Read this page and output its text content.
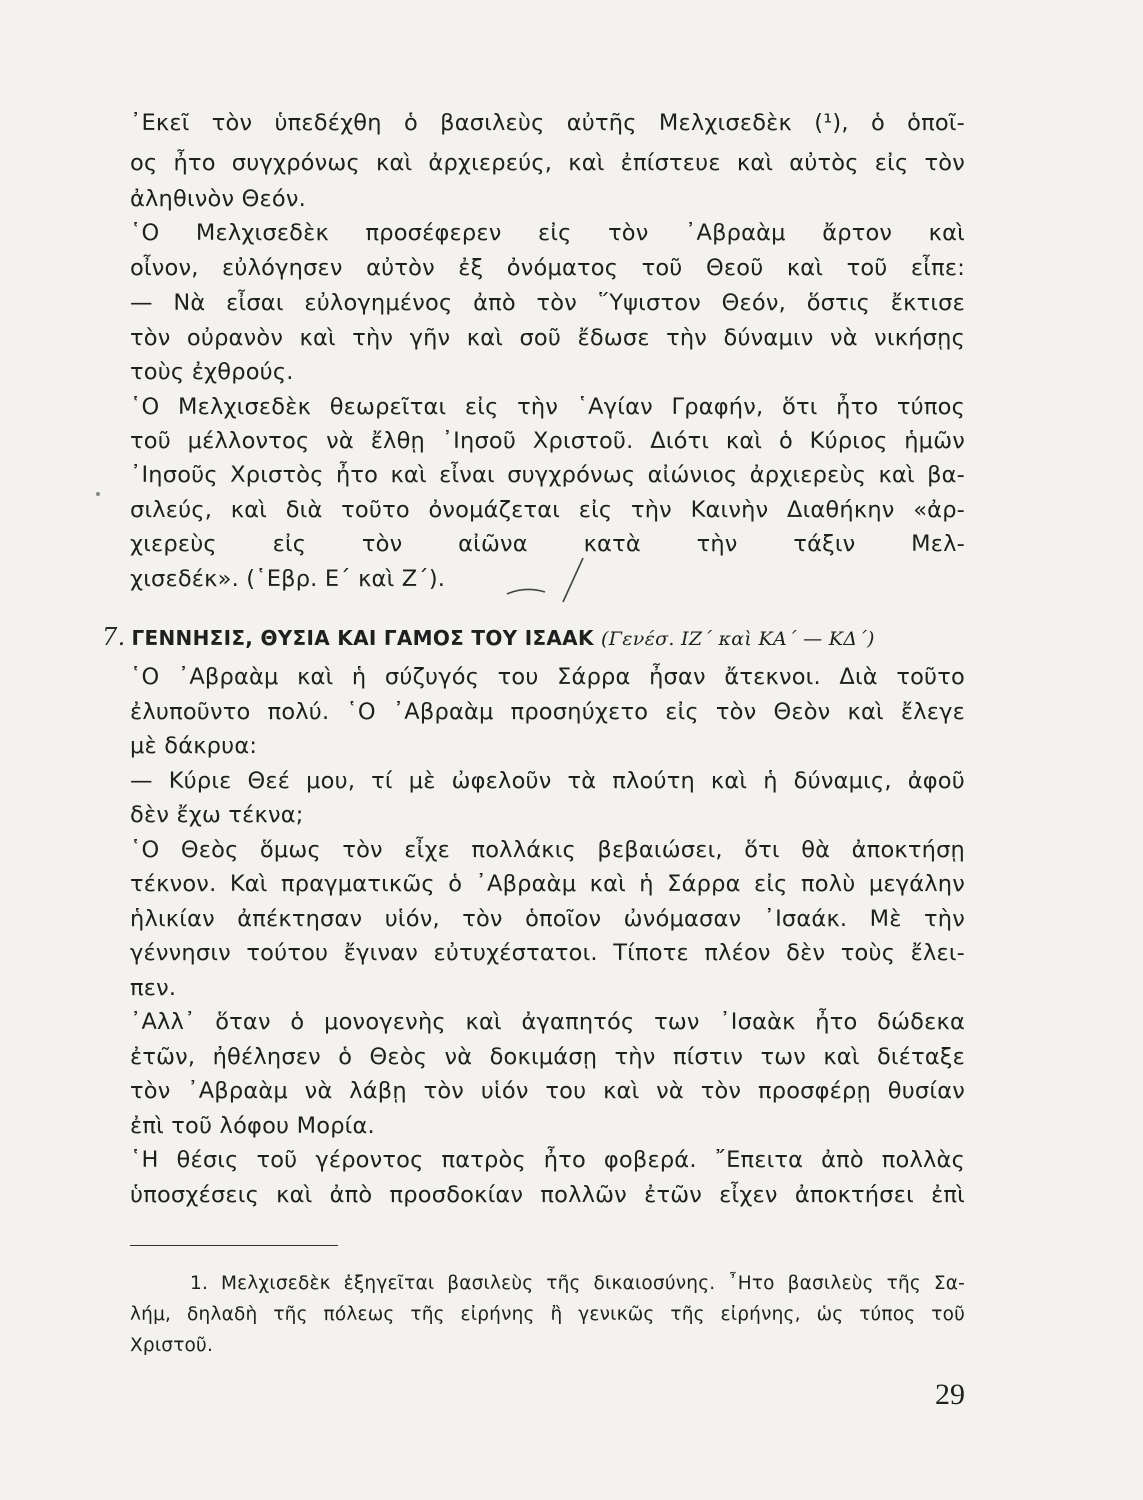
᾿Εκεῖ τὸν ὑπεδέχθη ὁ βασιλεὺς αὐτῆς Μελχισεδὲκ (¹), ὁ ὁποῖ-
ος ἦτο συγχρόνως καὶ ἀρχιερεύς, καὶ ἐπίστευε καὶ αὐτὸς εἰς τὸν
ἀληθινὸν Θεόν.
῾Ο Μελχισεδὲκ προσέφερεν εἰς τὸν ᾿Αβραὰμ ἄρτον καὶ
οἶνον, εὐλόγησεν αὐτὸν ἐξ ὀνόματος τοῦ Θεοῦ καὶ τοῦ εἶπε:
— Νὰ εἶσαι εὐλογημένος ἀπὸ τὸν ῞Υψιστον Θεόν, ὅστις ἔκτισε
τὸν οὐρανὸν καὶ τὴν γῆν καὶ σοῦ ἔδωσε τὴν δύναμιν νὰ νικήσῃς
τοὺς ἐχθρούς.
῾Ο Μελχισεδὲκ θεωρεῖται εἰς τὴν ῾Αγίαν Γραφήν, ὅτι ἦτο τύπος
τοῦ μέλλοντος νὰ ἔλθῃ ᾿Ιησοῦ Χριστοῦ. Διότι καὶ ὁ Κύριος ἡμῶν
᾿Ιησοῦς Χριστὸς ἦτο καὶ εἶναι συγχρόνως αἰώνιος ἀρχιερεὺς καὶ βα-
σιλεύς, καὶ διὰ τοῦτο ὀνομάζεται εἰς τὴν Καινὴν Διαθήκην «ἀρ-
χιερεὺς εἰς τὸν αἰῶνα κατὰ τὴν τάξιν Μελ-
χισεδέκ». (῾Εβρ. Ε΄ καὶ Ζ΄).
7. ΓΕΝΝΗΣΙΣ, ΘΥΣΙΑ ΚΑΙ ΓΑΜΟΣ ΤΟΥ ΙΣΑΑΚ (Γενέσ. ΙΖ΄ καὶ ΚΑ΄ — ΚΔ΄)
῾Ο ᾿Αβραὰμ καὶ ἡ σύζυγός του Σάρρα ἦσαν ἄτεκνοι. Διὰ τοῦτο
ἐλυποῦντο πολύ. ῾Ο ᾿Αβραὰμ προσηύχετο εἰς τὸν Θεὸν καὶ ἔλεγε
μὲ δάκρυα:
— Κύριε Θεέ μου, τί μὲ ὠφελοῦν τὰ πλούτη καὶ ἡ δύναμις, ἀφοῦ
δὲν ἔχω τέκνα;
῾Ο Θεὸς ὅμως τὸν εἶχε πολλάκις βεβαιώσει, ὅτι θὰ ἀποκτήσῃ
τέκνον. Καὶ πραγματικῶς ὁ ᾿Αβραὰμ καὶ ἡ Σάρρα εἰς πολὺ μεγάλην
ἡλικίαν ἀπέκτησαν υἱόν, τὸν ὁποῖον ὠνόμασαν ᾿Ισαάκ. Μὲ τὴν
γέννησιν τούτου ἔγιναν εὐτυχέστατοι. Τίποτε πλέον δὲν τοὺς ἔλει-
πεν.
᾿Αλλ᾿ ὅταν ὁ μονογενὴς καὶ ἀγαπητός των ᾿Ισαὰκ ἦτο δώδεκα
ἐτῶν, ἠθέλησεν ὁ Θεὸς νὰ δοκιμάσῃ τὴν πίστιν των καὶ διέταξε
τὸν ᾿Αβραὰμ νὰ λάβῃ τὸν υἱόν του καὶ νὰ τὸν προσφέρῃ θυσίαν
ἐπὶ τοῦ λόφου Μορία.
῾Η θέσις τοῦ γέροντος πατρὸς ἦτο φοβερά. ῎Επειτα ἀπὸ πολλὰς
ὑποσχέσεις καὶ ἀπὸ προσδοκίαν πολλῶν ἐτῶν εἶχεν ἀποκτήσει ἐπὶ
1. Μελχισεδὲκ ἑξηγεῖται βασιλεὺς τῆς δικαιοσύνης. ῏Ητο βασιλεὺς τῆς Σα-
λήμ, δηλαδὴ τῆς πόλεως τῆς εἰρήνης ἢ γενικῶς τῆς εἰρήνης, ὡς τύπος τοῦ
Χριστοῦ.
29
